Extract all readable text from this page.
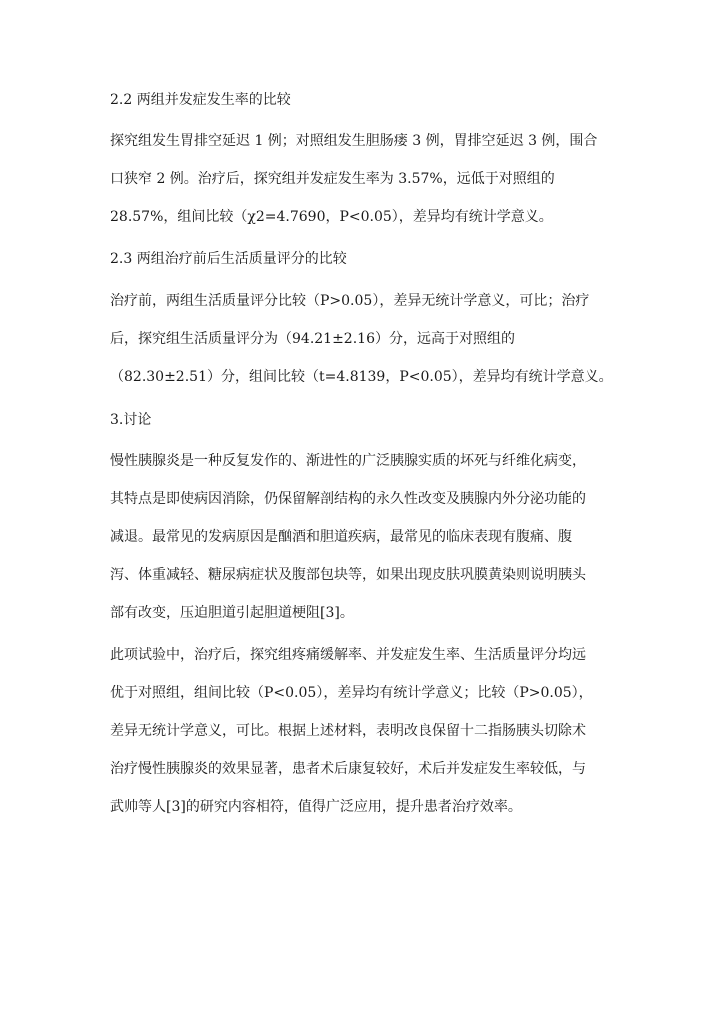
2.2 两组并发症发生率的比较
探究组发生胃排空延迟 1 例；对照组发生胆肠瘘 3 例，胃排空延迟 3 例，围合
口狭窄 2 例。治疗后，探究组并发症发生率为 3.57%，远低于对照组的
28.57%，组间比较（χ2=4.7690，P<0.05），差异均有统计学意义。
2.3 两组治疗前后生活质量评分的比较
治疗前，两组生活质量评分比较（P>0.05），差异无统计学意义，可比；治疗
后，探究组生活质量评分为（94.21±2.16）分，远高于对照组的
（82.30±2.51）分，组间比较（t=4.8139，P<0.05），差异均有统计学意义。
3.讨论
慢性胰腺炎是一种反复发作的、渐进性的广泛胰腺实质的坏死与纤维化病变，
其特点是即使病因消除，仍保留解剖结构的永久性改变及胰腺内外分泌功能的
减退。最常见的发病原因是酗酒和胆道疾病，最常见的临床表现有腹痛、腹
泻、体重减轻、糖尿病症状及腹部包块等，如果出现皮肤巩膜黄染则说明胰头
部有改变，压迫胆道引起胆道梗阻[3]。
此项试验中，治疗后，探究组疼痛缓解率、并发症发生率、生活质量评分均远
优于对照组，组间比较（P<0.05），差异均有统计学意义；比较（P>0.05），
差异无统计学意义，可比。根据上述材料，表明改良保留十二指肠胰头切除术
治疗慢性胰腺炎的效果显著，患者术后康复较好，术后并发症发生率较低，与
武帅等人[3]的研究内容相符，值得广泛应用，提升患者治疗效率。
